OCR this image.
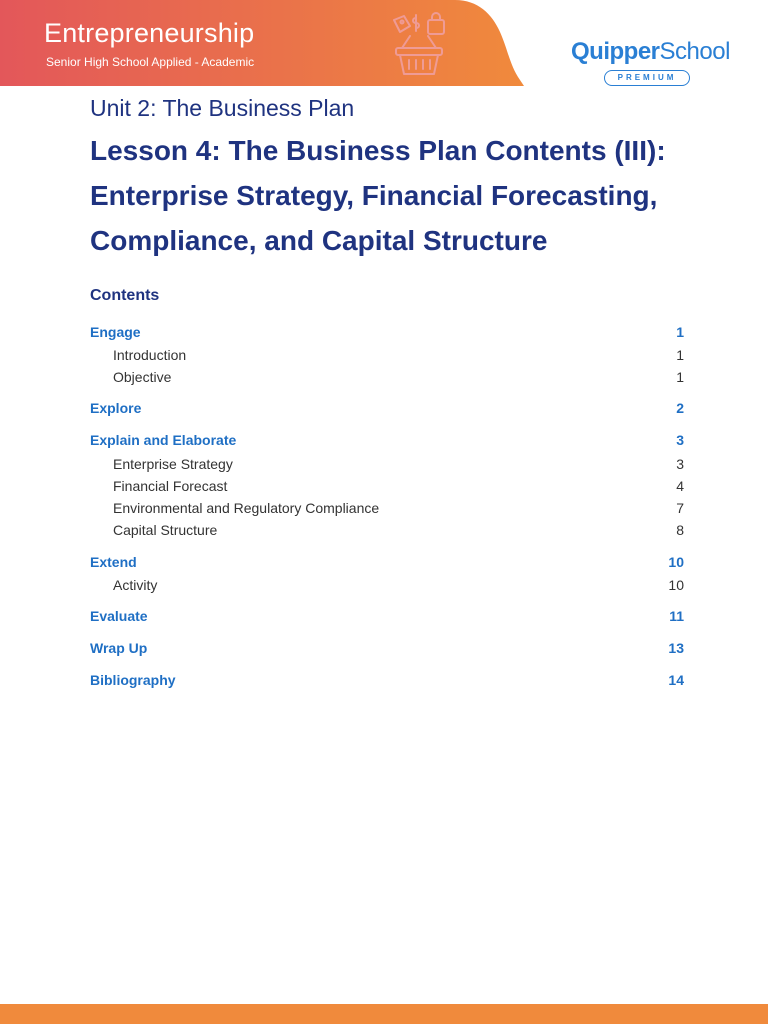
Entrepreneurship
Senior High School Applied - Academic	QuipperSchool
PREMIUM
Unit 2: The Business Plan
Lesson 4: The Business Plan Contents (III): Enterprise Strategy, Financial Forecasting, Compliance, and Capital Structure
Contents
Engage	1
Introduction	1
Objective	1
Explore	2
Explain and Elaborate	3
Enterprise Strategy	3
Financial Forecast	4
Environmental and Regulatory Compliance	7
Capital Structure	8
Extend	10
Activity	10
Evaluate	11
Wrap Up	13
Bibliography	14
